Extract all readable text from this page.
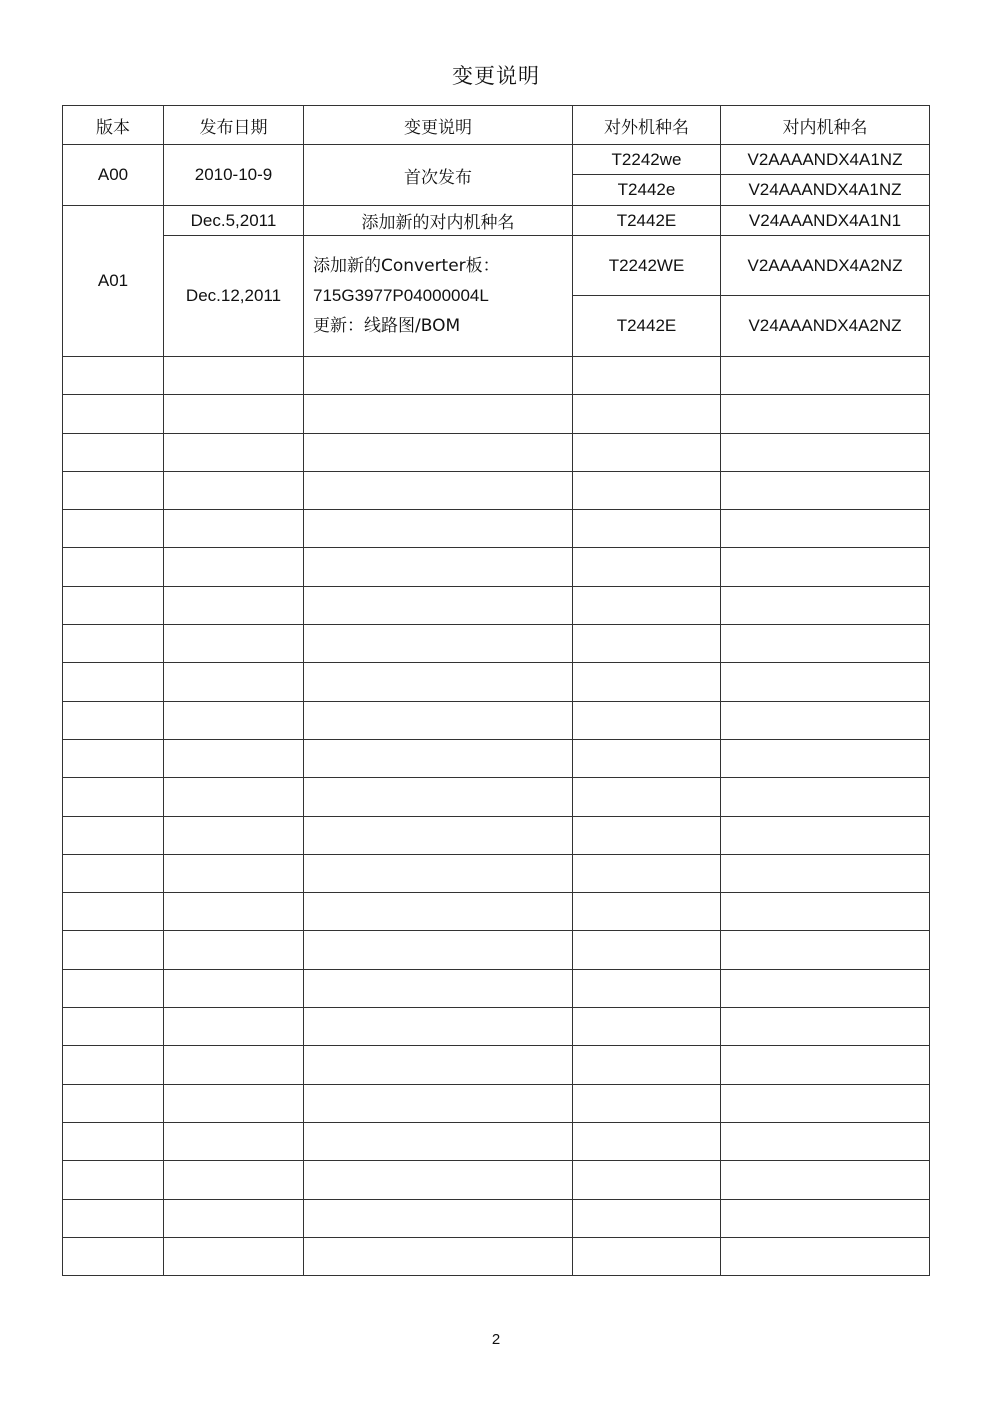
变更说明
版本	发布日期	变更说明	对外机种名	对内机种名
A00	2010-10-9	首次发布	T2242we	V2AAAANDX4A1NZ
			T2442e	V24AAANDX4A1NZ
A01	Dec.5,2011	添加新的对内机种名	T2442E	V24AAANDX4A1N1
	Dec.12,2011	添加新的Converter板：
715G3977P04000004L
更新：线路图/BOM	T2242WE	V2AAAANDX4A2NZ
			T2442E	V24AAANDX4A2NZ

2
